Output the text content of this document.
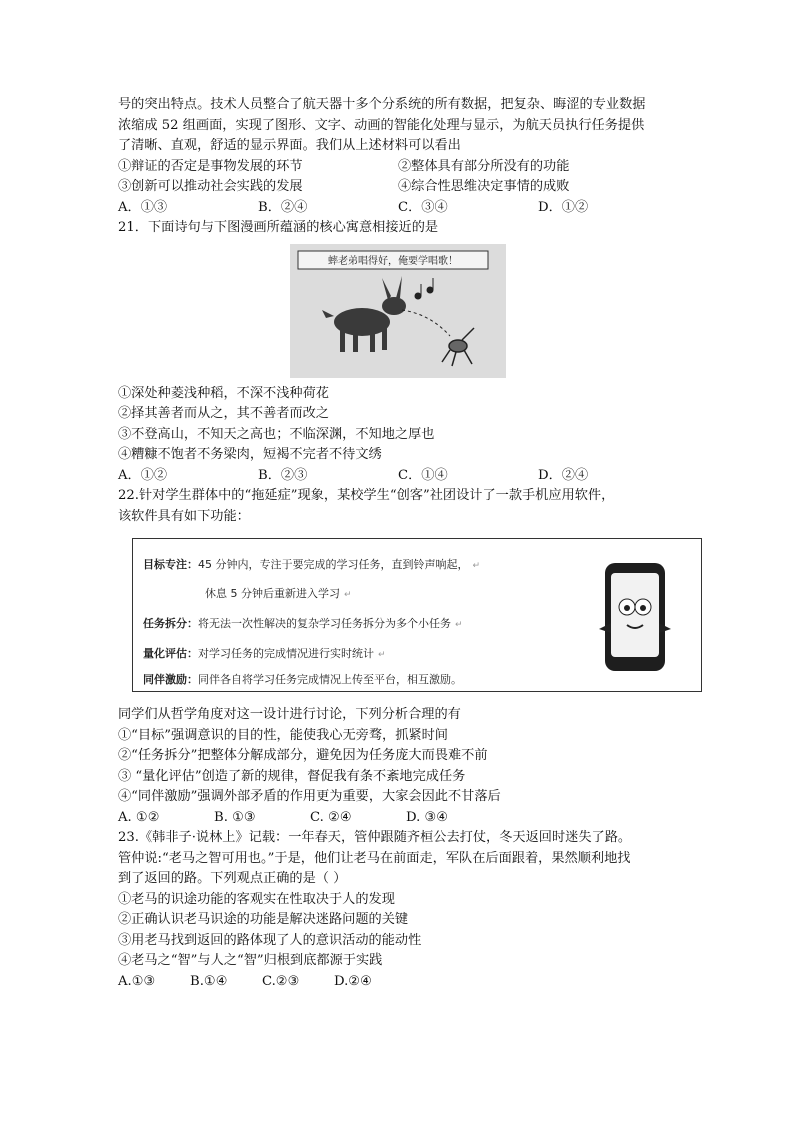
号的突出特点。技术人员整合了航天器十多个分系统的所有数据，把复杂、晦涩的专业数据
浓缩成 52 组画面，实现了图形、文字、动画的智能化处理与显示，为航天员执行任务提供
了清晰、直观，舒适的显示界面。我们从上述材料可以看出
①辩证的否定是事物发展的环节	②整体具有部分所没有的功能
③创新可以推动社会实践的发展	④综合性思维决定事情的成败
A．①③	B．②④	C．③④	D．①②
21．下面诗句与下图漫画所蕴涵的核心寓意相接近的是
蟀老弟唱得好，俺要学唱歌！
①深处种菱浅种稻，不深不浅种荷花
②择其善者而从之，其不善者而改之
③不登高山，不知天之高也；不临深渊，不知地之厚也
④糟糠不饱者不务梁肉，短褐不完者不待文绣
A．①②	B．②③	C．①④	D．②④
22.针对学生群体中的“拖延症”现象，某校学生“创客”社团设计了一款手机应用软件，
该软件具有如下功能：
目标专注：45 分钟内，专注于要完成的学习任务，直到铃声响起， ↵
休息 5 分钟后重新进入学习 ↵
任务拆分：将无法一次性解决的复杂学习任务拆分为多个小任务 ↵
量化评估：对学习任务的完成情况进行实时统计 ↵
同伴激励：同伴各自将学习任务完成情况上传至平台，相互激励。
同学们从哲学角度对这一设计进行讨论，下列分析合理的有
①“目标”强调意识的目的性，能使我心无旁骛，抓紧时间
②“任务拆分”把整体分解成部分，避免因为任务庞大而畏难不前
③ “量化评估”创造了新的规律，督促我有条不紊地完成任务
④“同伴激励”强调外部矛盾的作用更为重要，大家会因此不甘落后
A. ①②	B. ①③	C. ②④	D. ③④
23.《韩非子·说林上》记载：一年春天，管仲跟随齐桓公去打仗，冬天返回时迷失了路。
管仲说:“老马之智可用也。”于是，他们让老马在前面走，军队在后面跟着，果然顺利地找
到了返回的路。下列观点正确的是（ ）
①老马的识途功能的客观实在性取决于人的发现
②正确认识老马识途的功能是解决迷路问题的关键
③用老马找到返回的路体现了人的意识活动的能动性
④老马之“智”与人之“智”归根到底都源于实践
A.①③	B.①④	C.②③	D.②④
